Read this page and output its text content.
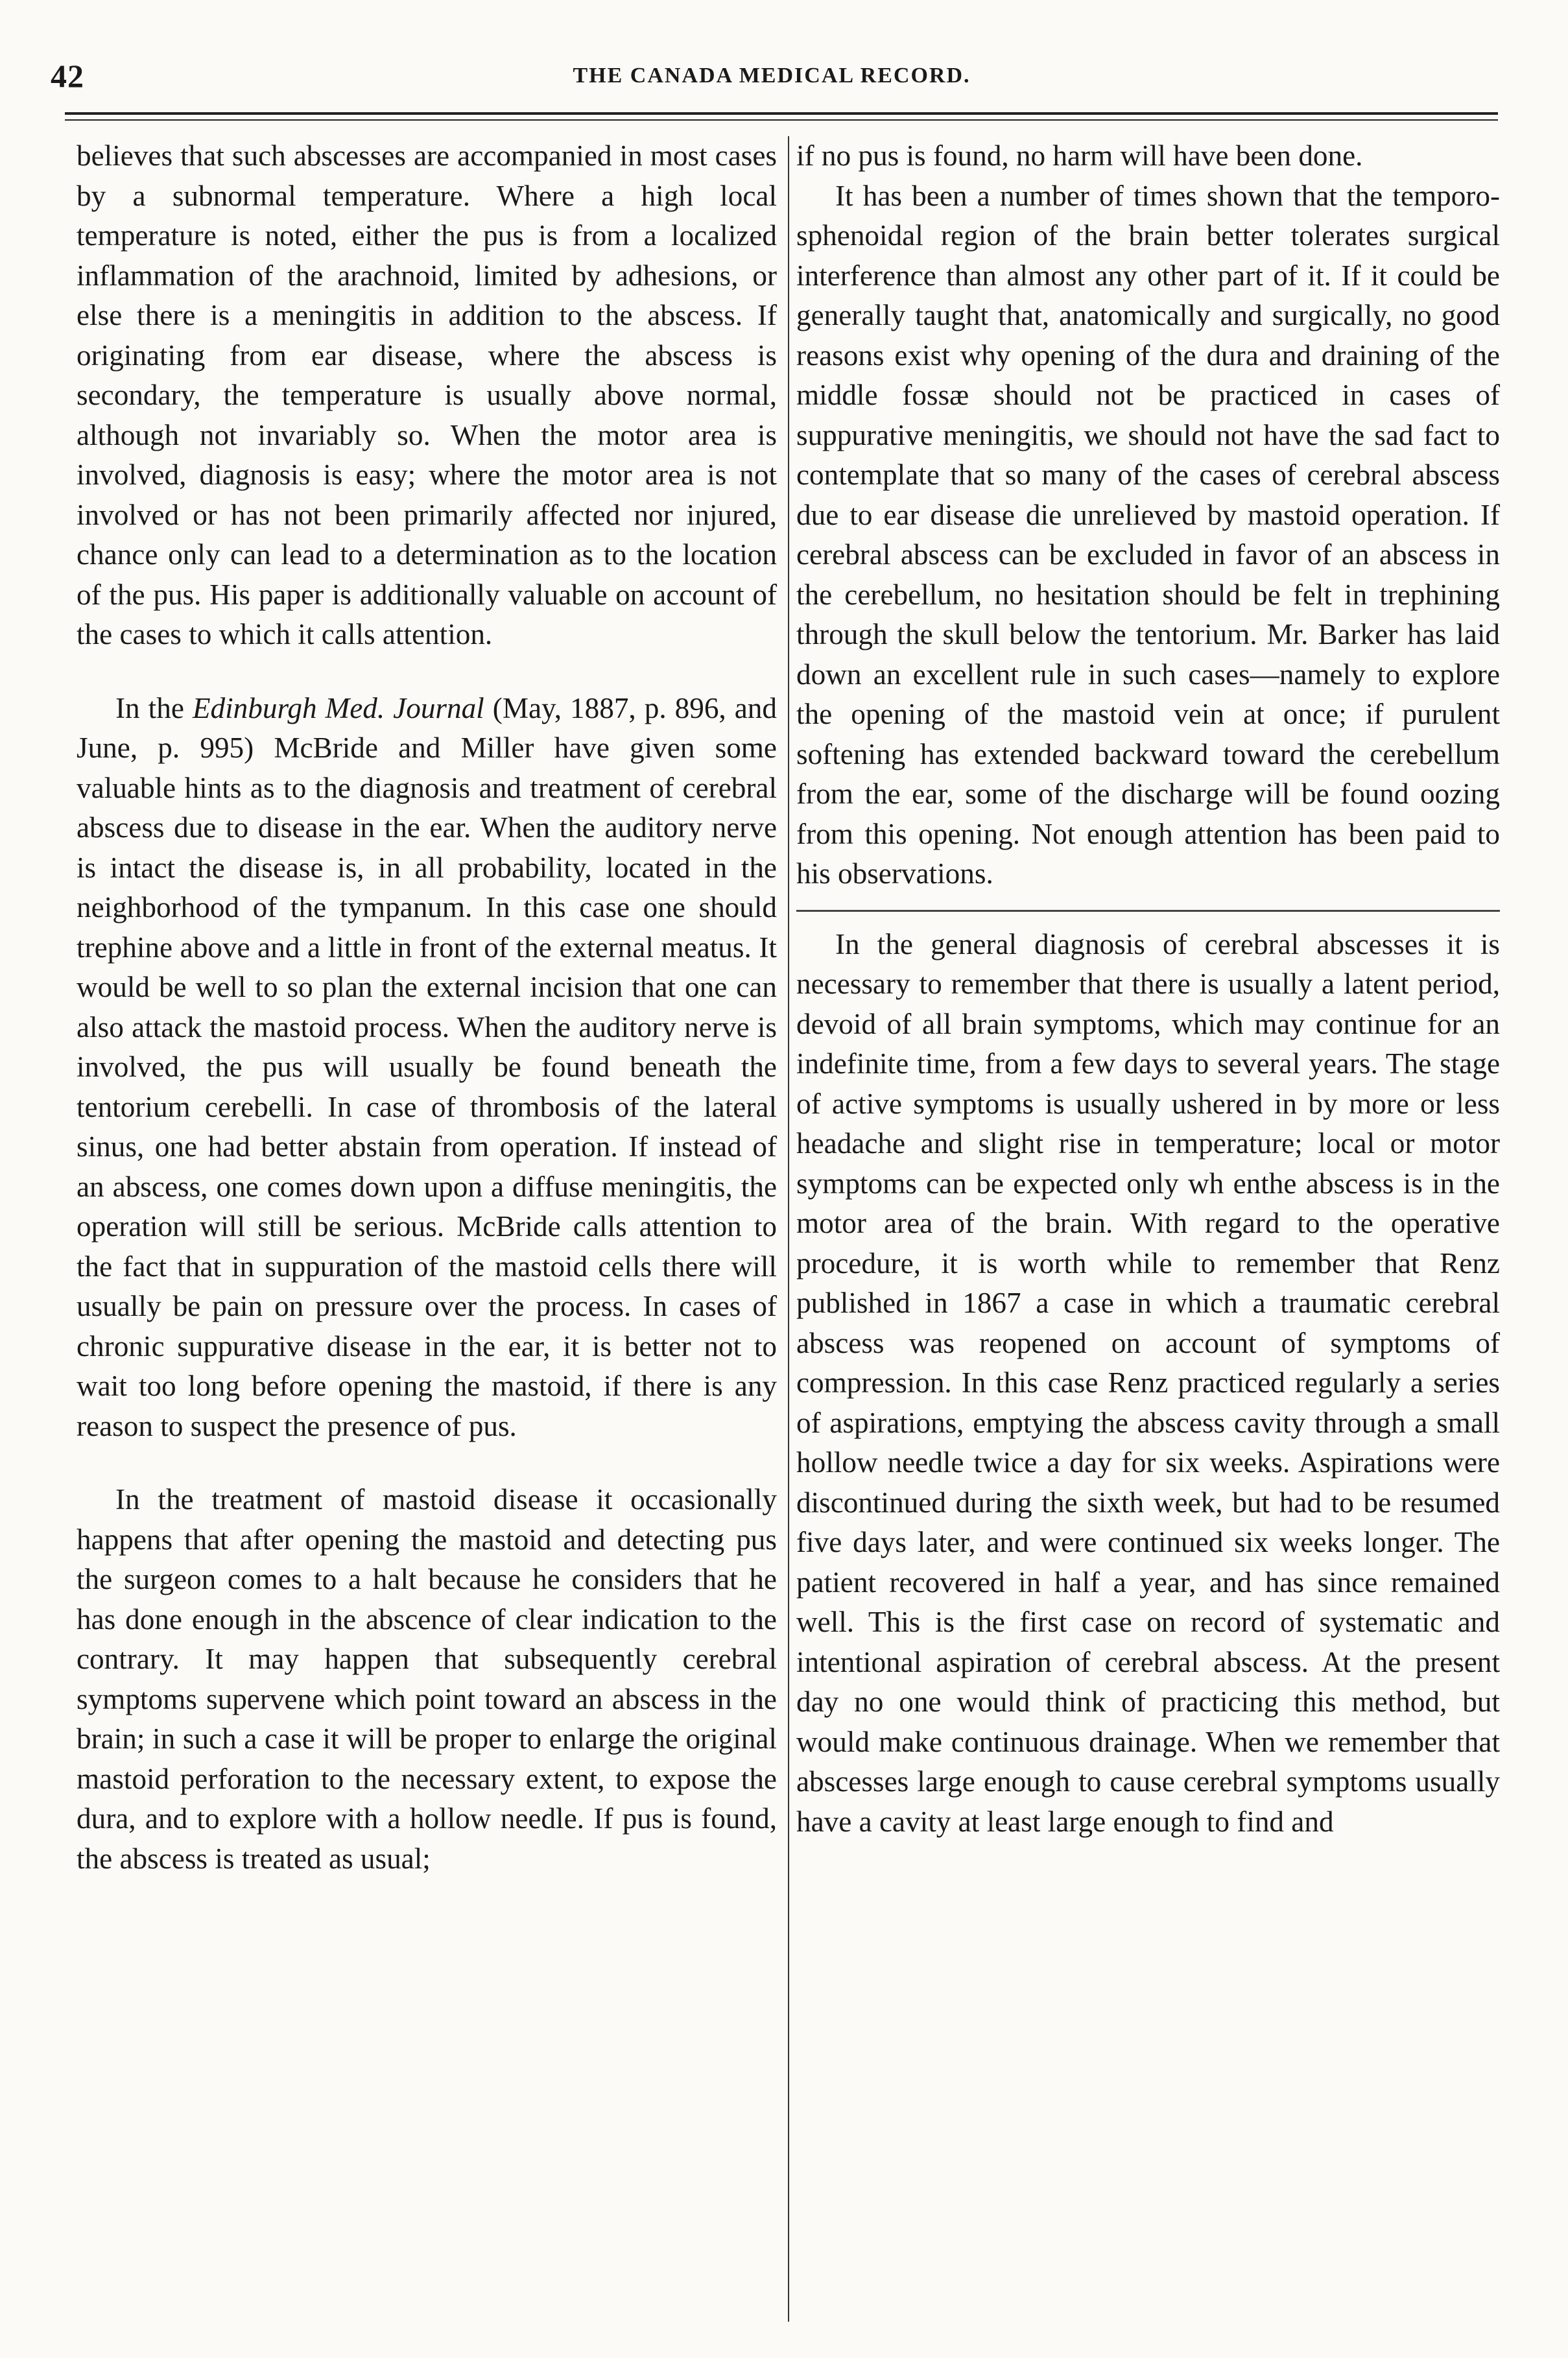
42	THE CANADA MEDICAL RECORD.

believes that such abscesses are accompanied in most cases by a subnormal temperature. Where a high local temperature is noted, either the pus is from a localized inflammation of the arachnoid, limited by adhesions, or else there is a meningitis in addition to the abscess. If originating from ear disease, where the abscess is secondary, the temperature is usually above normal, although not invariably so. When the motor area is involved, diagnosis is easy; where the motor area is not involved or has not been primarily affected nor injured, chance only can lead to a determination as to the location of the pus. His paper is additionally valuable on account of the cases to which it calls attention.

In the Edinburgh Med. Journal (May, 1887, p. 896, and June, p. 995) McBride and Miller have given some valuable hints as to the diagnosis and treatment of cerebral abscess due to disease in the ear. When the auditory nerve is intact the disease is, in all probability, located in the neighborhood of the tympanum. In this case one should trephine above and a little in front of the external meatus. It would be well to so plan the external incision that one can also attack the mastoid process. When the auditory nerve is involved, the pus will usually be found beneath the tentorium cerebelli. In case of thrombosis of the lateral sinus, one had better abstain from operation. If instead of an abscess, one comes down upon a diffuse meningitis, the operation will still be serious. McBride calls attention to the fact that in suppuration of the mastoid cells there will usually be pain on pressure over the process. In cases of chronic suppurative disease in the ear, it is better not to wait too long before opening the mastoid, if there is any reason to suspect the presence of pus.

In the treatment of mastoid disease it occasionally happens that after opening the mastoid and detecting pus the surgeon comes to a halt because he considers that he has done enough in the abscence of clear indication to the contrary. It may happen that subsequently cerebral symptoms supervene which point toward an abscess in the brain; in such a case it will be proper to enlarge the original mastoid perforation to the necessary extent, to expose the dura, and to explore with a hollow needle. If pus is found, the abscess is treated as usual;

if no pus is found, no harm will have been done.

It has been a number of times shown that the temporo-sphenoidal region of the brain better tolerates surgical interference than almost any other part of it. If it could be generally taught that, anatomically and surgically, no good reasons exist why opening of the dura and draining of the middle fossæ should not be practiced in cases of suppurative meningitis, we should not have the sad fact to contemplate that so many of the cases of cerebral abscess due to ear disease die unrelieved by mastoid operation. If cerebral abscess can be excluded in favor of an abscess in the cerebellum, no hesitation should be felt in trephining through the skull below the tentorium. Mr. Barker has laid down an excellent rule in such cases—namely to explore the opening of the mastoid vein at once; if purulent softening has extended backward toward the cerebellum from the ear, some of the discharge will be found oozing from this opening. Not enough attention has been paid to his observations.

In the general diagnosis of cerebral abscesses it is necessary to remember that there is usually a latent period, devoid of all brain symptoms, which may continue for an indefinite time, from a few days to several years. The stage of active symptoms is usually ushered in by more or less headache and slight rise in temperature; local or motor symptoms can be expected only wh enthe abscess is in the motor area of the brain. With regard to the operative procedure, it is worth while to remember that Renz published in 1867 a case in which a traumatic cerebral abscess was reopened on account of symptoms of compression. In this case Renz practiced regularly a series of aspirations, emptying the abscess cavity through a small hollow needle twice a day for six weeks. Aspirations were discontinued during the sixth week, but had to be resumed five days later, and were continued six weeks longer. The patient recovered in half a year, and has since remained well. This is the first case on record of systematic and intentional aspiration of cerebral abscess. At the present day no one would think of practicing this method, but would make continuous drainage. When we remember that abscesses large enough to cause cerebral symptoms usually have a cavity at least large enough to find and
